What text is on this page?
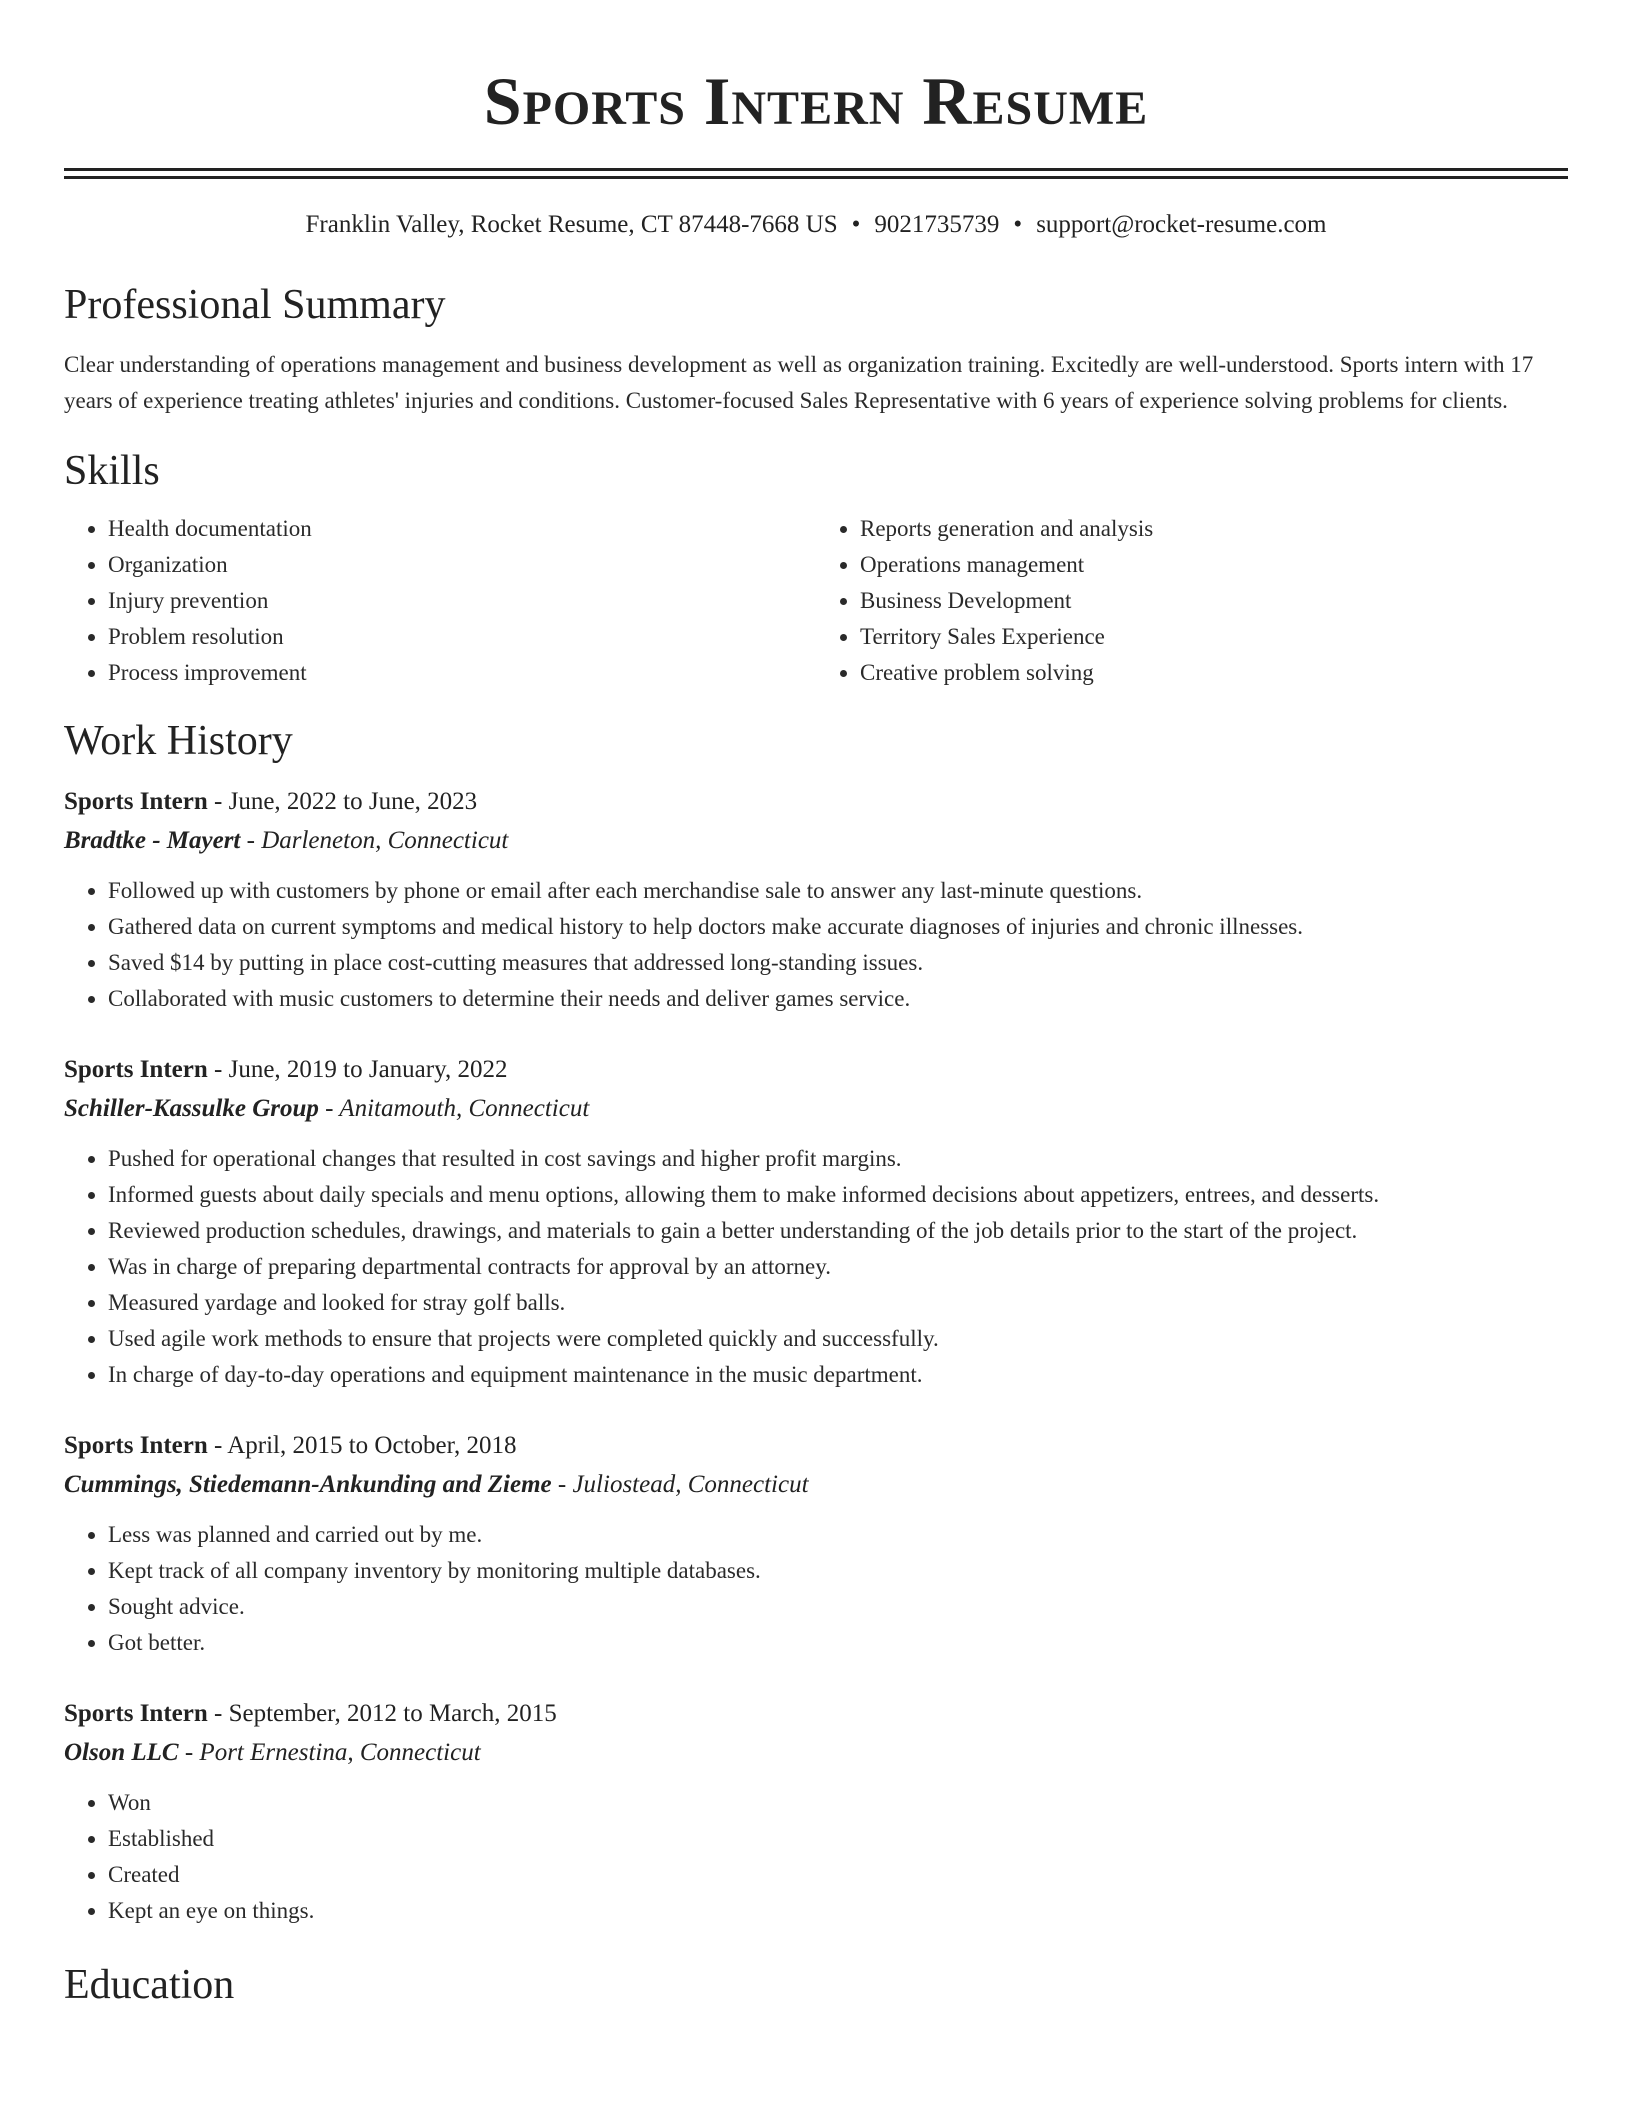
Sports Intern Resume
Franklin Valley, Rocket Resume, CT 87448-7668 US • 9021735739 • support@rocket-resume.com
Professional Summary

Clear understanding of operations management and business development as well as organization training. Excitedly are well-understood. Sports intern with 17 years of experience treating athletes' injuries and conditions. Customer-focused Sales Representative with 6 years of experience solving problems for clients.

Skills
• Health documentation
• Organization
• Injury prevention
• Problem resolution
• Process improvement
• Reports generation and analysis
• Operations management
• Business Development
• Territory Sales Experience
• Creative problem solving
Work History
Sports Intern - June, 2022 to June, 2023
Bradtke - Mayert - Darleneton, Connecticut
• Followed up with customers by phone or email after each merchandise sale to answer any last-minute questions.
• Gathered data on current symptoms and medical history to help doctors make accurate diagnoses of injuries and chronic illnesses.
• Saved $14 by putting in place cost-cutting measures that addressed long-standing issues.
• Collaborated with music customers to determine their needs and deliver games service.
Sports Intern - June, 2019 to January, 2022
Schiller-Kassulke Group - Anitamouth, Connecticut
• Pushed for operational changes that resulted in cost savings and higher profit margins.
• Informed guests about daily specials and menu options, allowing them to make informed decisions about appetizers, entrees, and desserts.
• Reviewed production schedules, drawings, and materials to gain a better understanding of the job details prior to the start of the project.
• Was in charge of preparing departmental contracts for approval by an attorney.
• Measured yardage and looked for stray golf balls.
• Used agile work methods to ensure that projects were completed quickly and successfully.
• In charge of day-to-day operations and equipment maintenance in the music department.
Sports Intern - April, 2015 to October, 2018
Cummings, Stiedemann-Ankunding and Zieme - Juliostead, Connecticut
• Less was planned and carried out by me.
• Kept track of all company inventory by monitoring multiple databases.
• Sought advice.
• Got better.
Sports Intern - September, 2012 to March, 2015
Olson LLC - Port Ernestina, Connecticut
• Won
• Established
• Created
• Kept an eye on things.
Education
